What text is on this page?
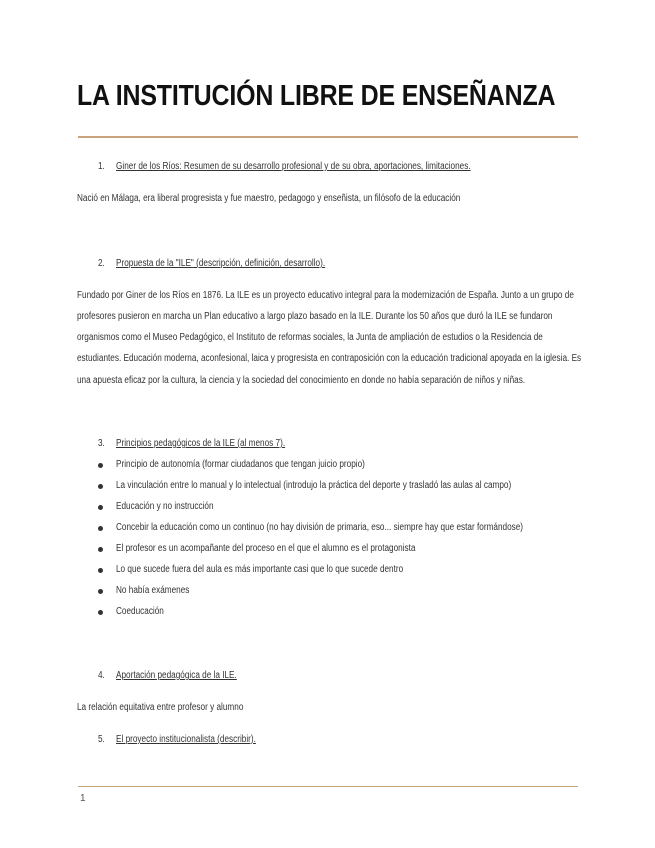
LA INSTITUCIÓN LIBRE DE ENSEÑANZA
1. Giner de los Ríos: Resumen de su desarrollo profesional y de su obra, aportaciones, limitaciones.
Nació en Málaga, era liberal progresista y fue maestro, pedagogo y enseñista, un filósofo de la educación
2. Propuesta de la "ILE" (descripción, definición, desarrollo).
Fundado por Giner de los Ríos en 1876. La ILE es un proyecto educativo integral para la modernización de España. Junto a un grupo de
profesores pusieron en marcha un Plan educativo a largo plazo basado en la ILE. Durante los 50 años que duró la ILE se fundaron
organismos como el Museo Pedagógico, el Instituto de reformas sociales, la Junta de ampliación de estudios o la Residencia de
estudiantes. Educación moderna, aconfesional, laica y progresista en contraposición con la educación tradicional apoyada en la iglesia. Es
una apuesta eficaz por la cultura, la ciencia y la sociedad del conocimiento en donde no había separación de niños y niñas.
3. Principios pedagógicos de la ILE (al menos 7).
Principio de autonomía (formar ciudadanos que tengan juicio propio)
La vinculación entre lo manual y lo intelectual (introdujo la práctica del deporte y trasladó las aulas al campo)
Educación y no instrucción
Concebir la educación como un continuo (no hay división de primaria, eso... siempre hay que estar formándose)
El profesor es un acompañante del proceso en el que el alumno es el protagonista
Lo que sucede fuera del aula es más importante casi que lo que sucede dentro
No había exámenes
Coeducación
4. Aportación pedagógica de la ILE.
La relación equitativa entre profesor y alumno
5. El proyecto institucionalista (describir).
1
